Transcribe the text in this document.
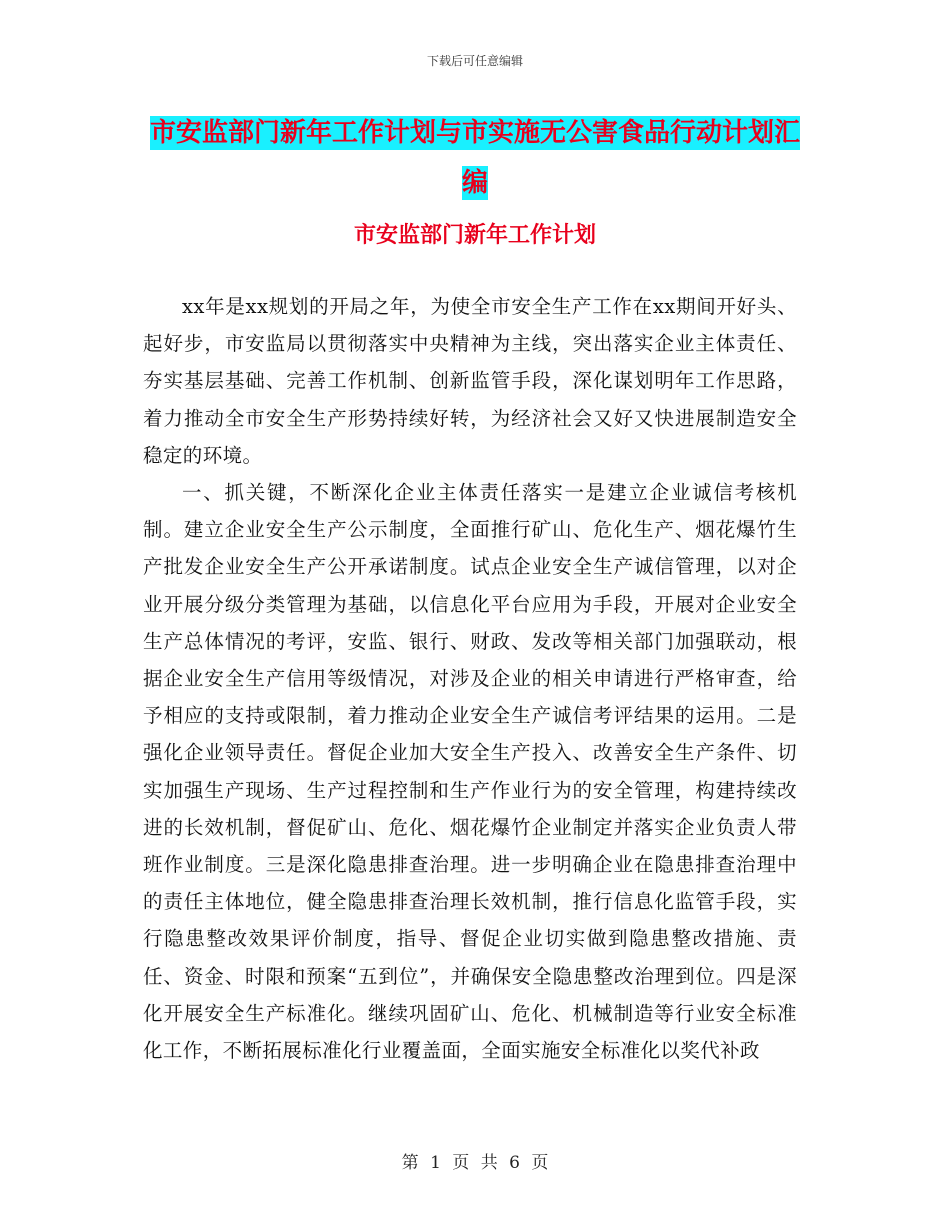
下载后可任意编辑
市安监部门新年工作计划与市实施无公害食品行动计划汇编
市安监部门新年工作计划

xx年是xx规划的开局之年，为使全市安全生产工作在xx期间开好头、起好步，市安监局以贯彻落实中央精神为主线，突出落实企业主体责任、夯实基层基础、完善工作机制、创新监管手段，深化谋划明年工作思路，着力推动全市安全生产形势持续好转，为经济社会又好又快进展制造安全稳定的环境。

一、抓关键，不断深化企业主体责任落实一是建立企业诚信考核机制。建立企业安全生产公示制度，全面推行矿山、危化生产、烟花爆竹生产批发企业安全生产公开承诺制度。试点企业安全生产诚信管理，以对企业开展分级分类管理为基础，以信息化平台应用为手段，开展对企业安全生产总体情况的考评，安监、银行、财政、发改等相关部门加强联动，根据企业安全生产信用等级情况，对涉及企业的相关申请进行严格审查，给予相应的支持或限制，着力推动企业安全生产诚信考评结果的运用。二是强化企业领导责任。督促企业加大安全生产投入、改善安全生产条件、切实加强生产现场、生产过程控制和生产作业行为的安全管理，构建持续改进的长效机制，督促矿山、危化、烟花爆竹企业制定并落实企业负责人带班作业制度。三是深化隐患排查治理。进一步明确企业在隐患排查治理中的责任主体地位，健全隐患排查治理长效机制，推行信息化监管手段，实行隐患整改效果评价制度，指导、督促企业切实做到隐患整改措施、责任、资金、时限和预案“五到位”，并确保安全隐患整改治理到位。四是深化开展安全生产标准化。继续巩固矿山、危化、机械制造等行业安全标准化工作，不断拓展标准化行业覆盖面，全面实施安全标准化以奖代补政

第 1 页 共 6 页
